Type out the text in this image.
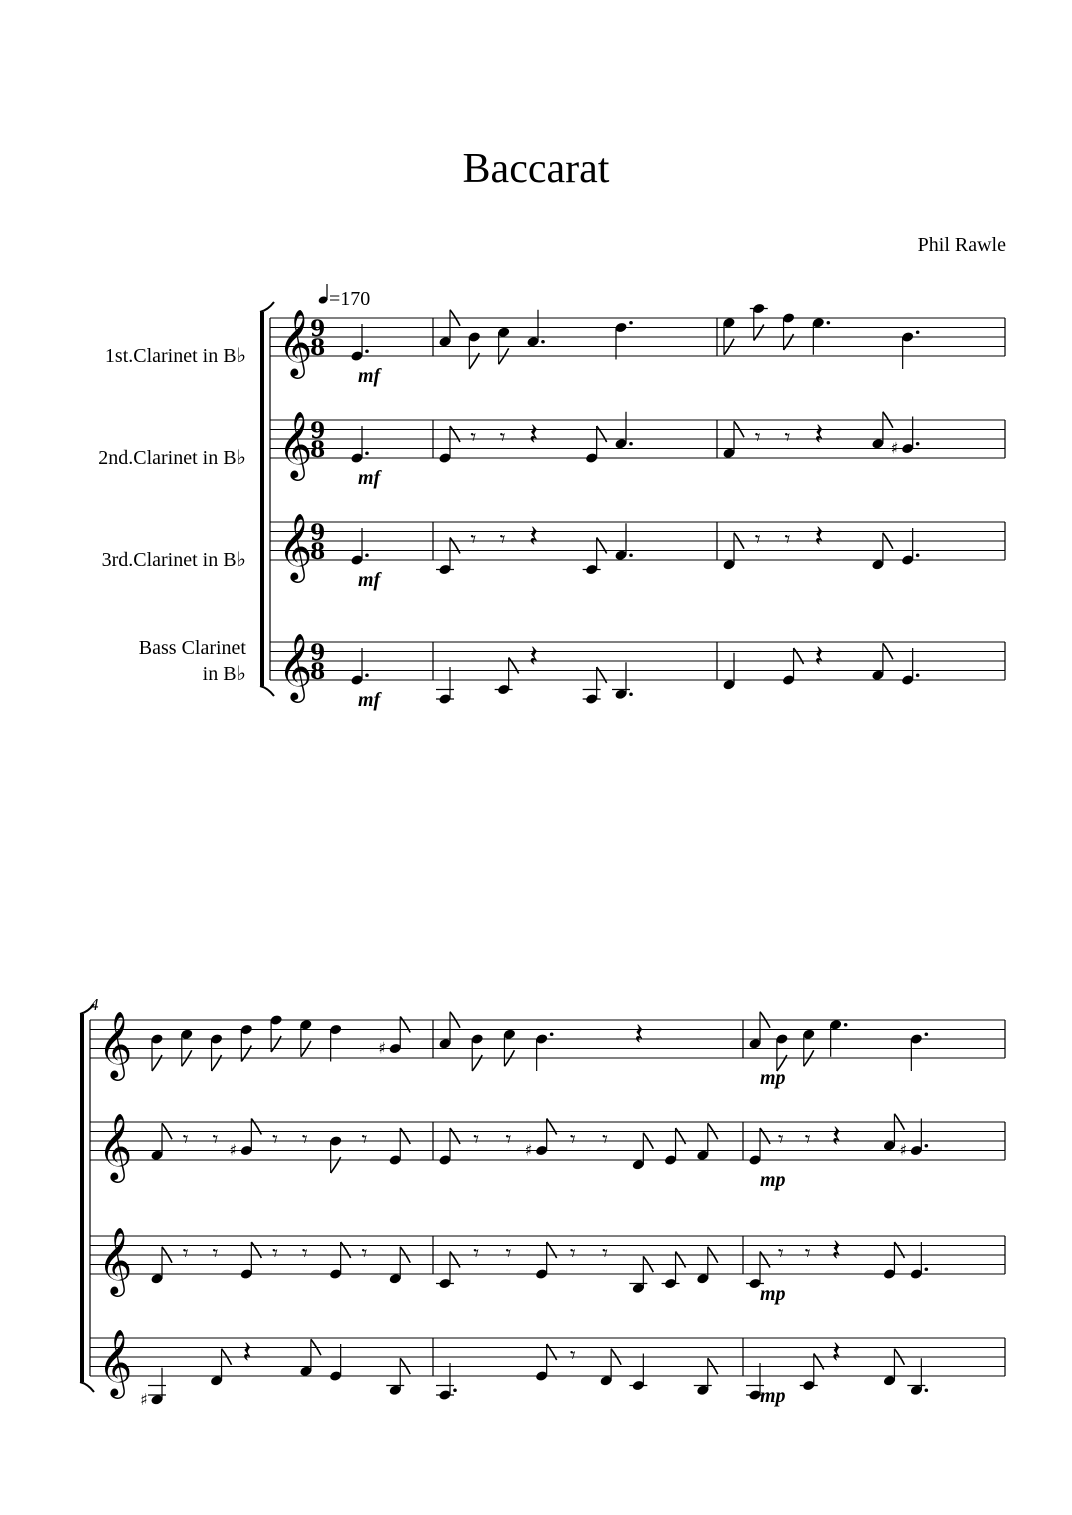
Baccarat
Phil Rawle
1st.Clarinet in B♭
2nd.Clarinet in B♭
3rd.Clarinet in B♭
Bass Clarinet
in B♭
=170
𝄞
9
8
mf
𝄞
9
8	𝄾 𝄾 𝄽	𝄾 𝄾 𝄽	♯
mf
𝄞
9
8	𝄾 𝄾 𝄽	𝄾 𝄾 𝄽
mf
𝄞
9
8	𝄽	𝄽
mf
4
𝄞	♯	𝄽
mp
𝄞 𝄾 𝄾 ♯ 𝄾 𝄾 𝄾	𝄾 𝄾 ♯ 𝄾 𝄾	𝄾 𝄾 𝄽	♯
mp
𝄞 𝄾 𝄾 𝄾 𝄾 𝄾	𝄾 𝄾	𝄾 𝄾	𝄾 𝄾 𝄽
mp
𝄞
♯
𝄽	𝄾	𝄽
mp
